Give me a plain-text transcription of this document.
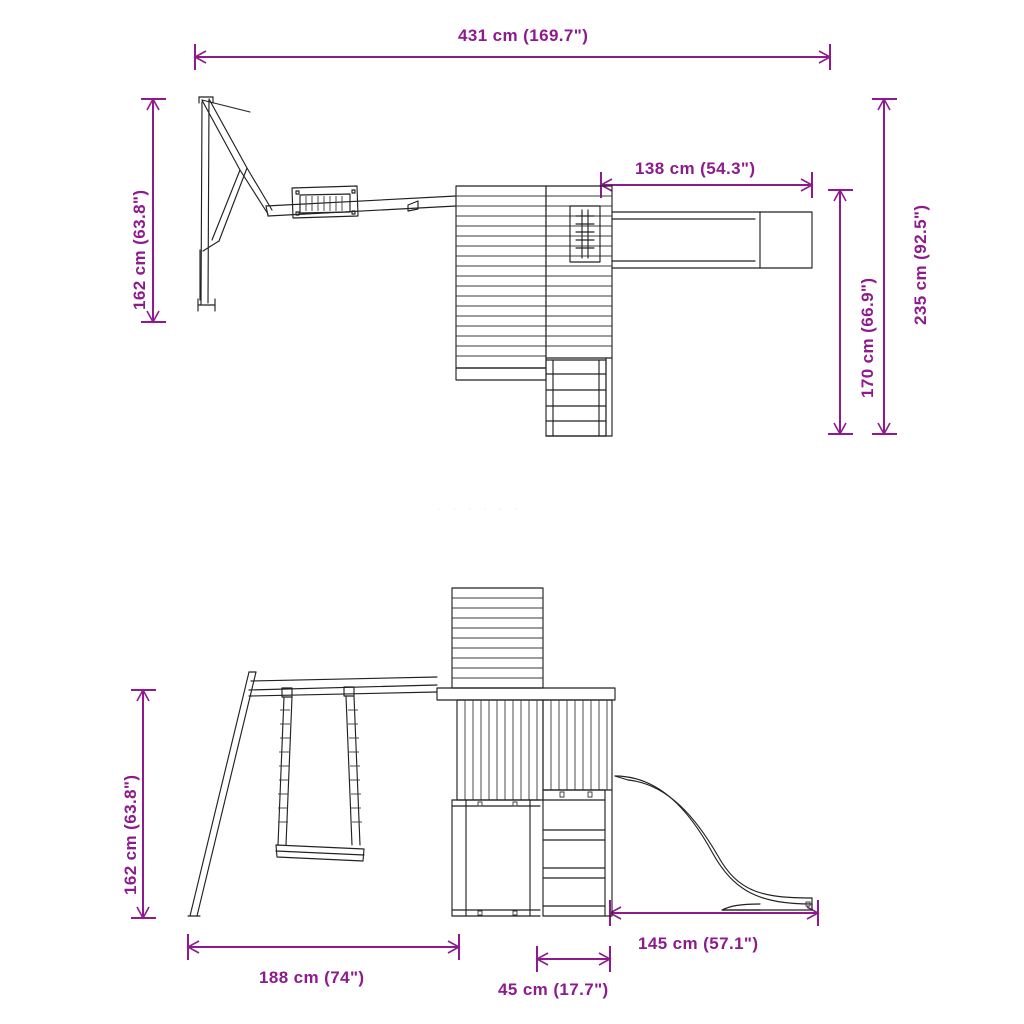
431 cm (169.7")
162 cm (63.8")
138 cm (54.3")
235 cm (92.5")
170 cm (66.9")
162 cm (63.8")
188 cm (74")
45 cm (17.7")
145 cm (57.1")
· · · · · ·
